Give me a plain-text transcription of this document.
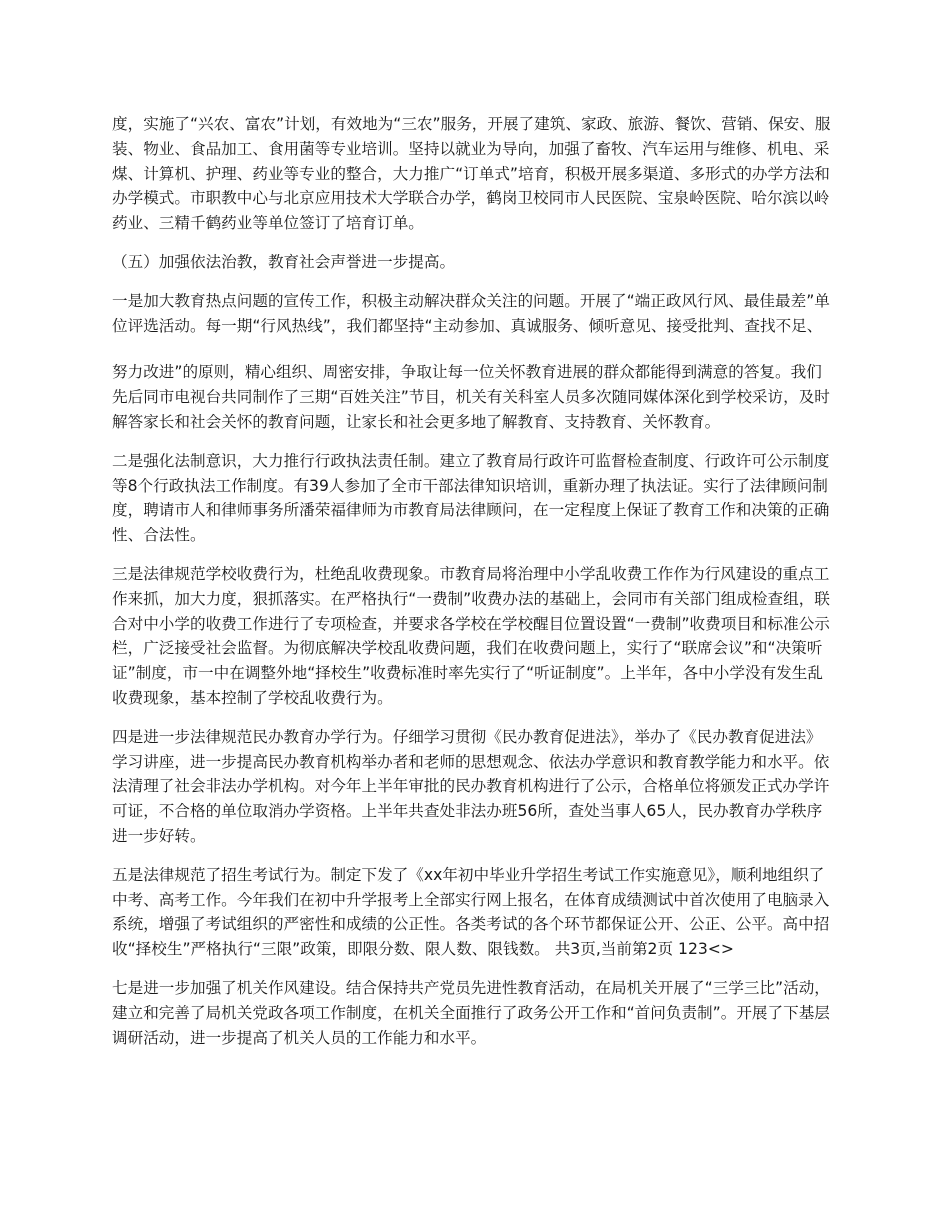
度，实施了“兴农、富农”计划，有效地为“三农”服务，开展了建筑、家政、旅游、餐饮、营销、保安、服装、物业、食品加工、食用菌等专业培训。坚持以就业为导向，加强了畜牧、汽车运用与维修、机电、采煤、计算机、护理、药业等专业的整合，大力推广“订单式”培育，积极开展多渠道、多形式的办学方法和办学模式。市职教中心与北京应用技术大学联合办学，鹤岗卫校同市人民医院、宝泉岭医院、哈尔滨以岭药业、三精千鹤药业等单位签订了培育订单。

（五）加强依法治教，教育社会声誉进一步提高。

一是加大教育热点问题的宣传工作，积极主动解决群众关注的问题。开展了“端正政风行风、最佳最差”单位评选活动。每一期“行风热线”，我们都坚持“主动参加、真诚服务、倾听意见、接受批判、查找不足、

努力改进”的原则，精心组织、周密安排，争取让每一位关怀教育进展的群众都能得到满意的答复。我们先后同市电视台共同制作了三期“百姓关注”节目，机关有关科室人员多次随同媒体深化到学校采访，及时解答家长和社会关怀的教育问题，让家长和社会更多地了解教育、支持教育、关怀教育。

二是强化法制意识，大力推行行政执法责任制。建立了教育局行政许可监督检查制度、行政许可公示制度等8个行政执法工作制度。有39人参加了全市干部法律知识培训，重新办理了执法证。实行了法律顾问制度，聘请市人和律师事务所潘荣福律师为市教育局法律顾问，在一定程度上保证了教育工作和决策的正确性、合法性。

三是法律规范学校收费行为，杜绝乱收费现象。市教育局将治理中小学乱收费工作作为行风建设的重点工作来抓，加大力度，狠抓落实。在严格执行“一费制”收费办法的基础上，会同市有关部门组成检查组，联合对中小学的收费工作进行了专项检查，并要求各学校在学校醒目位置设置“一费制”收费项目和标准公示栏，广泛接受社会监督。为彻底解决学校乱收费问题，我们在收费问题上，实行了“联席会议”和“决策听证”制度，市一中在调整外地“择校生”收费标准时率先实行了“听证制度”。上半年，各中小学没有发生乱收费现象，基本控制了学校乱收费行为。

四是进一步法律规范民办教育办学行为。仔细学习贯彻《民办教育促进法》，举办了《民办教育促进法》学习讲座，进一步提高民办教育机构举办者和老师的思想观念、依法办学意识和教育教学能力和水平。依法清理了社会非法办学机构。对今年上半年审批的民办教育机构进行了公示，合格单位将颁发正式办学许可证，不合格的单位取消办学资格。上半年共查处非法办班56所，查处当事人65人，民办教育办学秩序进一步好转。

五是法律规范了招生考试行为。制定下发了《xx年初中毕业升学招生考试工作实施意见》，顺利地组织了中考、高考工作。今年我们在初中升学报考上全部实行网上报名，在体育成绩测试中首次使用了电脑录入系统，增强了考试组织的严密性和成绩的公正性。各类考试的各个环节都保证公开、公正、公平。高中招收“择校生”严格执行“三限”政策，即限分数、限人数、限钱数。 共3页,当前第2页 123<>

七是进一步加强了机关作风建设。结合保持共产党员先进性教育活动，在局机关开展了“三学三比”活动，建立和完善了局机关党政各项工作制度，在机关全面推行了政务公开工作和“首问负责制”。开展了下基层调研活动，进一步提高了机关人员的工作能力和水平。
